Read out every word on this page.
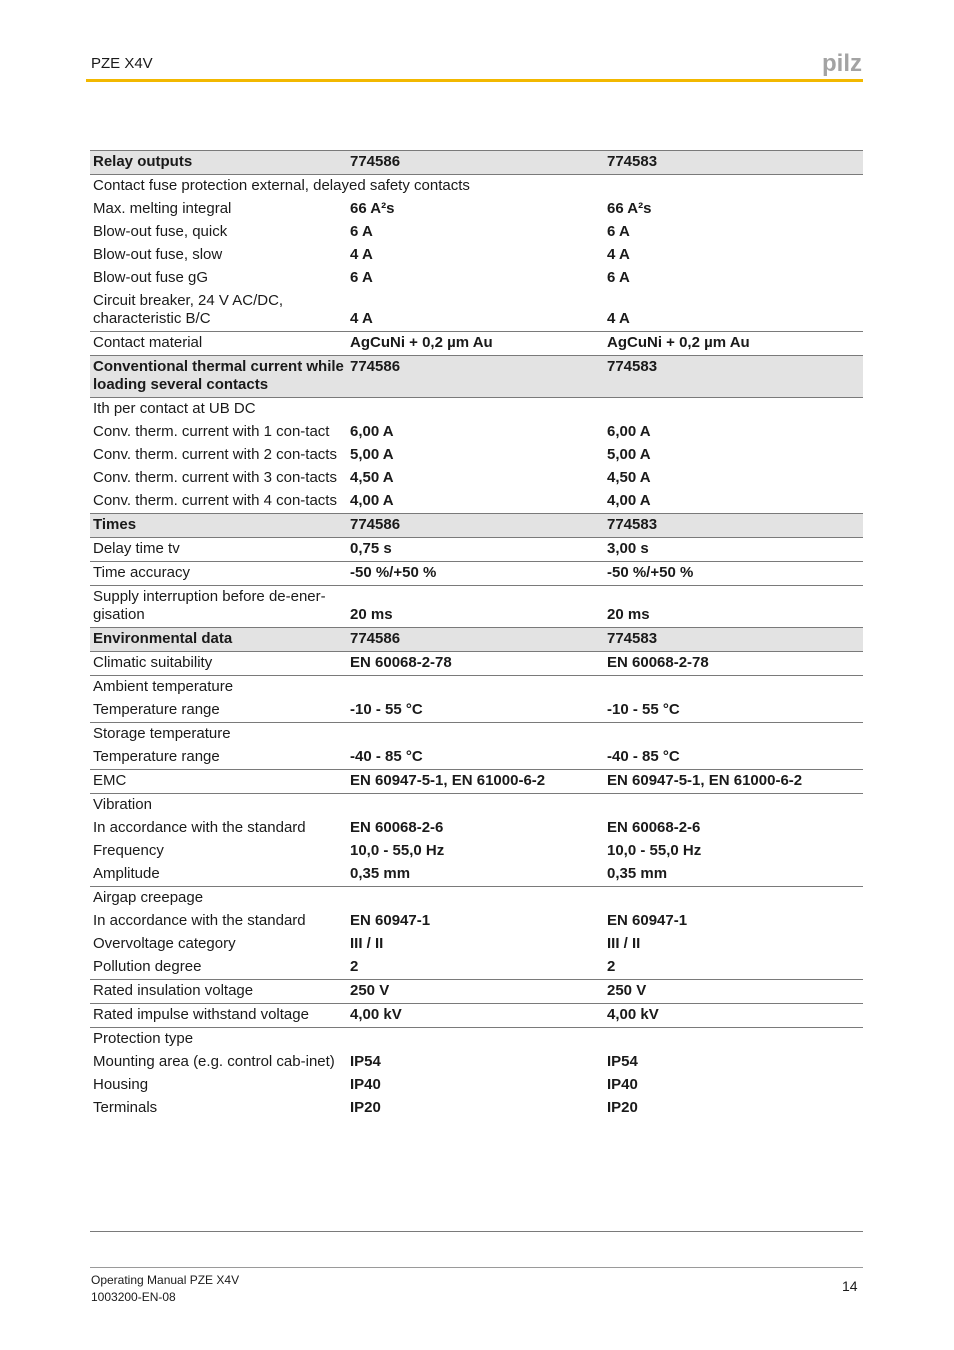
PZE X4V	pilz
Relay outputs	774586	774583
Contact fuse protection external, delayed safety contacts		
Max. melting integral	66 A²s	66 A²s
Blow-out fuse, quick	6 A	6 A
Blow-out fuse, slow	4 A	4 A
Blow-out fuse gG	6 A	6 A
Circuit breaker, 24 V AC/DC, characteristic B/C	4 A	4 A
Contact material	AgCuNi + 0,2 µm Au	AgCuNi + 0,2 µm Au
Conventional thermal current while loading several contacts	774586	774583
Ith per contact at UB DC		
Conv. therm. current with 1 con-tact	6,00 A	6,00 A
Conv. therm. current with 2 con-tacts	5,00 A	5,00 A
Conv. therm. current with 3 con-tacts	4,50 A	4,50 A
Conv. therm. current with 4 con-tacts	4,00 A	4,00 A
Times	774586	774583
Delay time tv	0,75 s	3,00 s
Time accuracy	-50 %/+50 %	-50 %/+50 %
Supply interruption before de-ener-gisation	20 ms	20 ms
Environmental data	774586	774583
Climatic suitability	EN 60068-2-78	EN 60068-2-78
Ambient temperature		
Temperature range	-10 - 55 °C	-10 - 55 °C
Storage temperature		
Temperature range	-40 - 85 °C	-40 - 85 °C
EMC	EN 60947-5-1, EN 61000-6-2	EN 60947-5-1, EN 61000-6-2
Vibration		
In accordance with the standard	EN 60068-2-6	EN 60068-2-6
Frequency	10,0 - 55,0 Hz	10,0 - 55,0 Hz
Amplitude	0,35 mm	0,35 mm
Airgap creepage		
In accordance with the standard	EN 60947-1	EN 60947-1
Overvoltage category	III / II	III / II
Pollution degree	2	2
Rated insulation voltage	250 V	250 V
Rated impulse withstand voltage	4,00 kV	4,00 kV
Protection type		
Mounting area (e.g. control cab-inet)	IP54	IP54
Housing	IP40	IP40
Terminals	IP20	IP20
Operating Manual PZE X4V
1003200-EN-08
14
